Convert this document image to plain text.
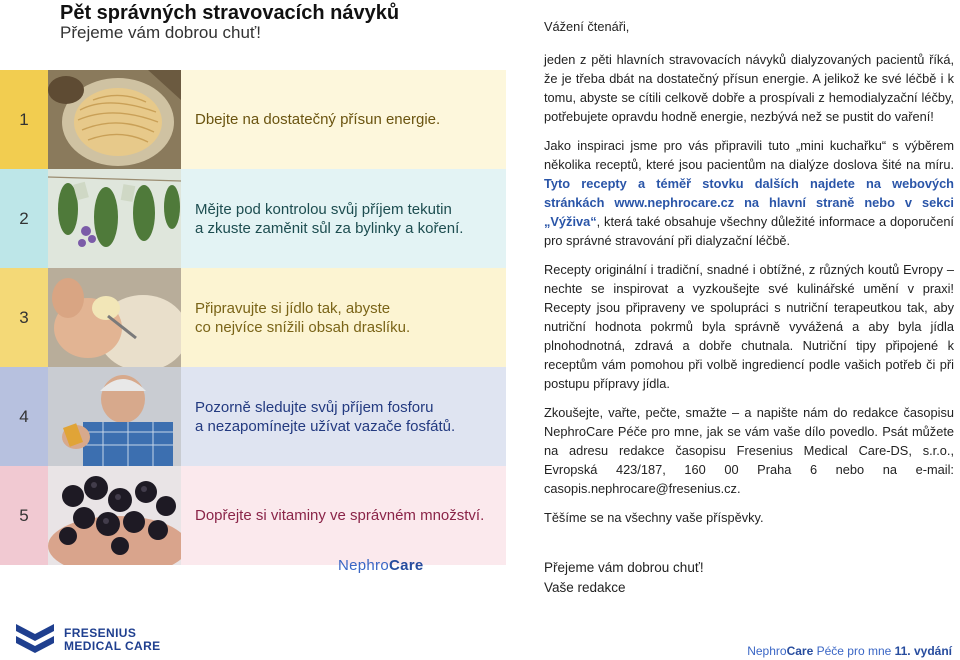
Pět správných stravovacích návyků
Přejeme vám dobrou chuť!
1	Dbejte na dostatečný přísun energie.
2	Mějte pod kontrolou svůj příjem tekutin
a zkuste zaměnit sůl za bylinky a koření.
3	Připravujte si jídlo tak, abyste
co nejvíce snížili obsah draslíku.
4	Pozorně sledujte svůj příjem fosforu
a nezapomínejte užívat vazače fosfátů.
5	Dopřejte si vitaminy ve správném množství.
NephroCare
FRESENIUS
MEDICAL CARE

Vážení čtenáři,

jeden z pěti hlavních stravovacích návyků dialyzovaných pacientů říká, že je třeba dbát na dostatečný přísun energie. A jelikož ke své léčbě i k tomu, abyste se cítili celkově dobře a prospívali z hemodialyzační léčby, potřebujete opravdu hodně energie, nezbývá než se pustit do vaření!

Jako inspiraci jsme pro vás připravili tuto „mini kuchařku“ s výběrem několika receptů, které jsou pacientům na dialýze doslova šité na míru. Tyto recepty a téměř stovku dalších najdete na webových stránkách www.nephrocare.cz na hlavní straně nebo v sekci „Výživa“, která také obsahuje všechny důležité informace a doporučení pro správné stravování při dialyzační léčbě.

Recepty originální i tradiční, snadné i obtížné, z různých koutů Evropy – nechte se inspirovat a vyzkoušejte své kulinářské umění v praxi! Recepty jsou připraveny ve spolupráci s nutriční terapeutkou tak, aby nutriční hodnota pokrmů byla správně vyvážená a aby byla jídla plnohodnotná, zdravá a dobře chutnala. Nutriční tipy připojené k receptům vám pomohou při volbě ingrediencí podle vašich potřeb či při postupu přípravy jídla.

Zkoušejte, vařte, pečte, smažte – a napište nám do redakce časopisu NephroCare Péče pro mne, jak se vám vaše dílo povedlo. Psát můžete na adresu redakce časopisu Fresenius Medical Care-DS, s.r.o., Evropská 423/187, 160 00 Praha 6 nebo na e-mail: casopis.nephrocare@fresenius.cz.

Těšíme se na všechny vaše příspěvky.

Přejeme vám dobrou chuť!
Vaše redakce
NephroCare Péče pro mne 11. vydání
